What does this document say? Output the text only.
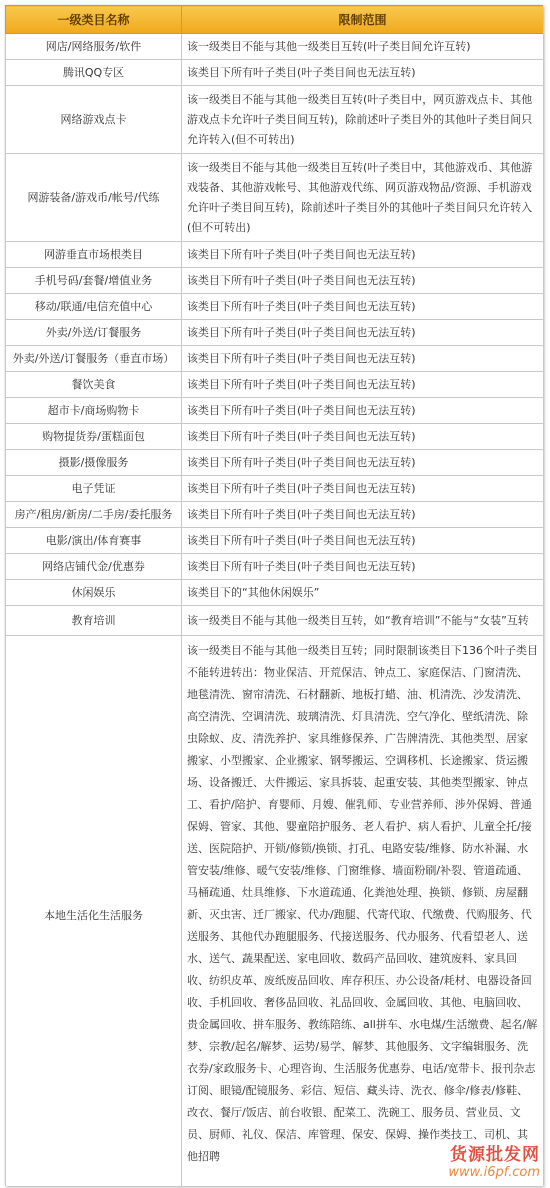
一级类目名称	限制范围
网店/网络服务/软件	该一级类目不能与其他一级类目互转(叶子类目间允许互转)
腾讯QQ专区	该类目下所有叶子类目(叶子类目间也无法互转)
网络游戏点卡	该一级类目不能与其他一级类目互转(叶子类目中，网页游戏点卡、其他游戏点卡允许叶子类目间互转)，除前述叶子类目外的其他叶子类目间只允许转入(但不可转出)
网游装备/游戏币/帐号/代练	该一级类目不能与其他一级类目互转(叶子类目中，其他游戏币、其他游戏装备、其他游戏帐号、其他游戏代练、网页游戏物品/资源、手机游戏允许叶子类目间互转)，除前述叶子类目外的其他叶子类目间只允许转入(但不可转出)
网游垂直市场根类目	该类目下所有叶子类目(叶子类目间也无法互转)
手机号码/套餐/增值业务	该类目下所有叶子类目(叶子类目间也无法互转)
移动/联通/电信充值中心	该类目下所有叶子类目(叶子类目间也无法互转)
外卖/外送/订餐服务	该类目下所有叶子类目(叶子类目间也无法互转)
外卖/外送/订餐服务（垂直市场）	该类目下所有叶子类目(叶子类目间也无法互转)
餐饮美食	该类目下所有叶子类目(叶子类目间也无法互转)
超市卡/商场购物卡	该类目下所有叶子类目(叶子类目间也无法互转)
购物提货券/蛋糕面包	该类目下所有叶子类目(叶子类目间也无法互转)
摄影/摄像服务	该类目下所有叶子类目(叶子类目间也无法互转)
电子凭证	该类目下所有叶子类目(叶子类目间也无法互转)
房产/租房/新房/二手房/委托服务	该类目下所有叶子类目(叶子类目间也无法互转)
电影/演出/体育赛事	该类目下所有叶子类目(叶子类目间也无法互转)
网络店铺代金/优惠券	该类目下所有叶子类目(叶子类目间也无法互转)
休闲娱乐	该类目下的“其他休闲娱乐”
教育培训	该一级类目不能与其他一级类目互转，如“教育培训”不能与“女装”互转
本地生活化生活服务	该一级类目不能与其他一级类目互转；同时限制该类目下136个叶子类目不能转进转出：物业保洁、开荒保洁、钟点工、家庭保洁、门窗清洗、地毯清洗、窗帘清洗、石材翻新、地板打蜡、油、机清洗、沙发清洗、高空清洗、空调清洗、玻璃清洗、灯具清洗、空气净化、壁纸清洗、除虫除蚁、皮、清洗养护、家具维修保养、广告牌清洗、其他类型、居家搬家、小型搬家、企业搬家、钢琴搬运、空调移机、长途搬家、货运搬场、设备搬迁、大件搬运、家具拆装、起重安装、其他类型搬家、钟点工、看护/陪护、育婴师、月嫂、催乳师、专业营养师、涉外保姆、普通保姆、管家、其他、婴童陪护服务、老人看护、病人看护、儿童全托/接送、医院陪护、开锁/修锁/换锁、打孔、电路安装/维修、防水补漏、水管安装/维修、暖气安装/维修、门窗维修、墙面粉刷/补裂、管道疏通、马桶疏通、灶具维修、下水道疏通、化粪池处理、换锁、修锁、房屋翻新、灭虫害、迁厂搬家、代办/跑腿、代寄代取、代缴费、代购服务、代送服务、其他代办跑腿服务、代接送服务、代办服务、代看望老人、送水、送气、蔬果配送、家电回收、数码产品回收、建筑废料、家具回收、纺织皮革、废纸废品回收、库存积压、办公设备/耗材、电器设备回收、手机回收、奢侈品回收、礼品回收、金属回收、其他、电脑回收、贵金属回收、拼车服务、教练陪练、all拼车、水电煤/生活缴费、起名/解梦、宗教/起名/解梦、运势/易学、解梦、其他服务、文字编辑服务、洗衣券/家政服务卡、心理咨询、生活服务优惠券、电话/宽带卡、报刊杂志订阅、眼镜/配镜服务、彩信、短信、藏头诗、洗衣、修伞/修表/修鞋、改衣、餐厅/饭店、前台收银、配菜工、洗碗工、服务员、营业员、文员、厨师、礼仪、保洁、库管理、保安、保姆、操作类技工、司机、其他招聘	货源批发网
www.i6pf.com
